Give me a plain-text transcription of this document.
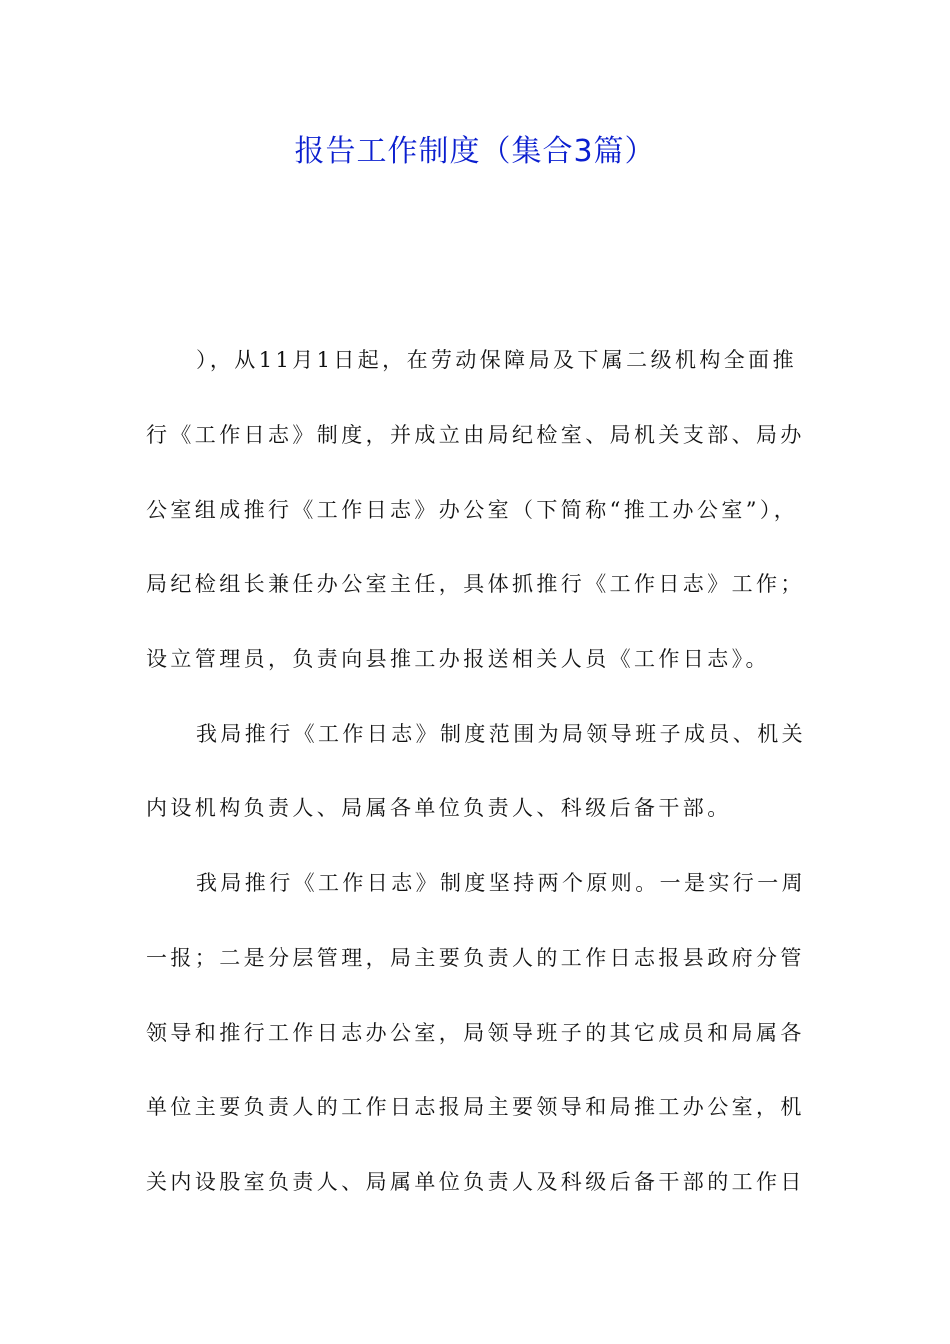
报告工作制度（集合3篇）
），从11月1日起，在劳动保障局及下属二级机构全面推
行《工作日志》制度，并成立由局纪检室、局机关支部、局办
公室组成推行《工作日志》办公室（下简称“推工办公室”），
局纪检组长兼任办公室主任，具体抓推行《工作日志》工作；
设立管理员，负责向县推工办报送相关人员《工作日志》。
我局推行《工作日志》制度范围为局领导班子成员、机关
内设机构负责人、局属各单位负责人、科级后备干部。
我局推行《工作日志》制度坚持两个原则。一是实行一周
一报；二是分层管理，局主要负责人的工作日志报县政府分管
领导和推行工作日志办公室，局领导班子的其它成员和局属各
单位主要负责人的工作日志报局主要领导和局推工办公室，机
关内设股室负责人、局属单位负责人及科级后备干部的工作日
